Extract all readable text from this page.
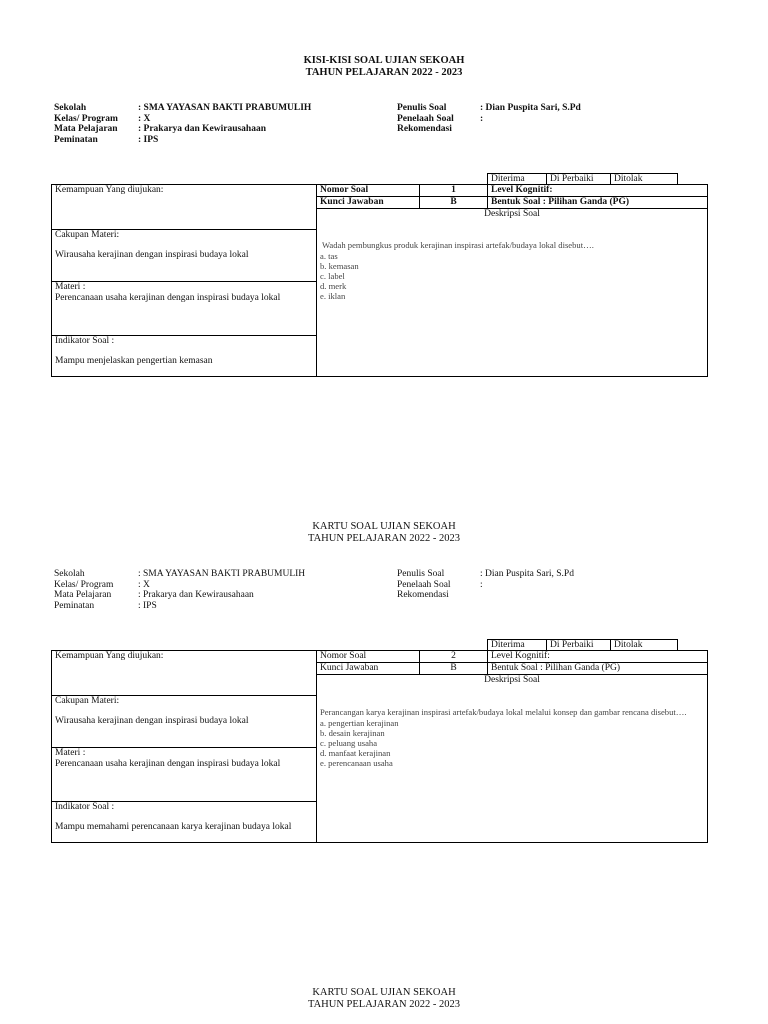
KISI-KISI SOAL UJIAN SEKOAH
TAHUN PELAJARAN 2022 - 2023
Sekolah	: SMA YAYASAN BAKTI PRABUMULIH
Kelas/ Program : X
Mata Pelajaran : Prakarya dan Kewirausahaan
Peminatan	: IPS
Penulis Soal	: Dian Puspita Sari, S.Pd
Penelaah Soal	:
Rekomendasi
Diterima	Di Perbaiki	Ditolak
Kemampuan Yang diujukan:
Cakupan Materi:
Wirausaha kerajinan dengan inspirasi budaya lokal
Materi :
Perencanaan usaha kerajinan dengan inspirasi budaya lokal
Indikator Soal :
Mampu menjelaskan pengertian kemasan
Nomor Soal	1	Level Kognitif:
Kunci Jawaban	B	Bentuk Soal : Pilihan Ganda (PG)
Deskripsi Soal
Wadah pembungkus produk kerajinan inspirasi artefak/budaya lokal disebut….
a. tas
b. kemasan
c. label
d. merk
e. iklan
KARTU SOAL UJIAN SEKOAH
TAHUN PELAJARAN 2022 - 2023
Sekolah	: SMA YAYASAN BAKTI PRABUMULIH
Kelas/ Program	: X
Mata Pelajaran	: Prakarya dan Kewirausahaan
Peminatan	: IPS
Penulis Soal	: Dian Puspita Sari, S.Pd
Penelaah Soal	:
Rekomendasi
Diterima	Di Perbaiki	Ditolak
Kemampuan Yang diujukan:
Cakupan Materi:
Wirausaha kerajinan dengan inspirasi budaya lokal
Materi :
Perencanaan usaha kerajinan dengan inspirasi budaya lokal
Indikator Soal :
Mampu memahami perencanaan karya kerajinan budaya lokal
Nomor Soal	2	Level Kognitif:
Kunci Jawaban	B	Bentuk Soal : Pilihan Ganda (PG)
Deskripsi Soal
Perancangan karya kerajinan inspirasi artefak/budaya lokal melalui konsep dan gambar rencana disebut….
a. pengertian kerajinan
b. desain kerajinan
c. peluang usaha
d. manfaat kerajinan
e. perencanaan usaha
KARTU SOAL UJIAN SEKOAH
TAHUN PELAJARAN 2022 - 2023
